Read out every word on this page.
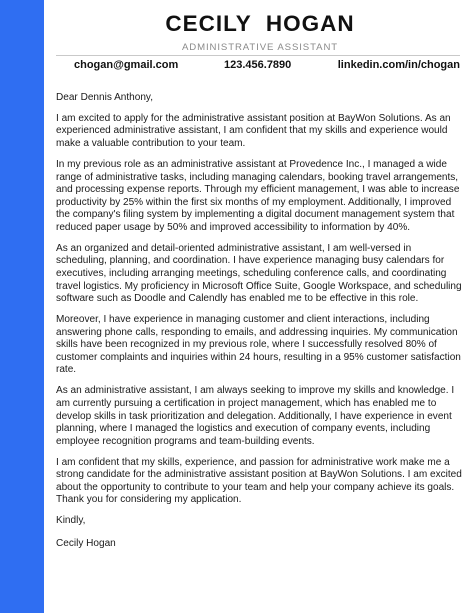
CECILY  HOGAN
ADMINISTRATIVE ASSISTANT
chogan@gmail.com	123.456.7890	linkedin.com/in/chogan

Dear Dennis Anthony,

I am excited to apply for the administrative assistant position at BayWon Solutions. As an experienced administrative assistant, I am confident that my skills and experience would make a valuable contribution to your team.

In my previous role as an administrative assistant at Provedence Inc., I managed a wide range of administrative tasks, including managing calendars, booking travel arrangements, and processing expense reports. Through my efficient management, I was able to increase productivity by 25% within the first six months of my employment. Additionally, I improved the company's filing system by implementing a digital document management system that reduced paper usage by 50% and improved accessibility to information by 40%.

As an organized and detail-oriented administrative assistant, I am well-versed in scheduling, planning, and coordination. I have experience managing busy calendars for executives, including arranging meetings, scheduling conference calls, and coordinating travel logistics. My proficiency in Microsoft Office Suite, Google Workspace, and scheduling software such as Doodle and Calendly has enabled me to be effective in this role.

Moreover, I have experience in managing customer and client interactions, including answering phone calls, responding to emails, and addressing inquiries. My communication skills have been recognized in my previous role, where I successfully resolved 80% of customer complaints and inquiries within 24 hours, resulting in a 95% customer satisfaction rate.

As an administrative assistant, I am always seeking to improve my skills and knowledge. I am currently pursuing a certification in project management, which has enabled me to develop skills in task prioritization and delegation. Additionally, I have experience in event planning, where I managed the logistics and execution of company events, including employee recognition programs and team-building events.

I am confident that my skills, experience, and passion for administrative work make me a strong candidate for the administrative assistant position at BayWon Solutions. I am excited about the opportunity to contribute to your team and help your company achieve its goals. Thank you for considering my application.

Kindly,

Cecily Hogan
